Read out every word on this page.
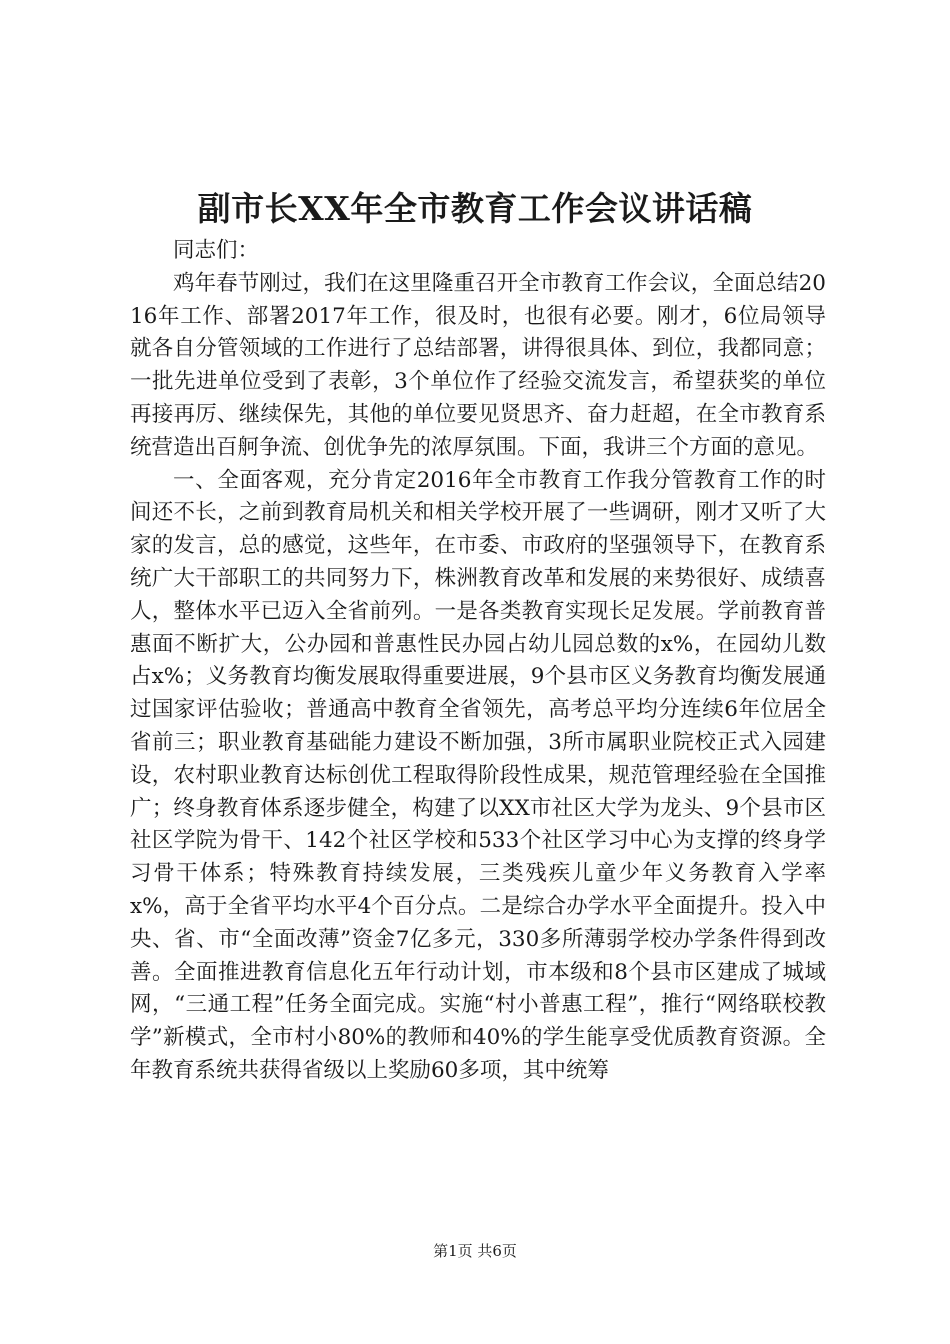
副市长XX年全市教育工作会议讲话稿

同志们：

鸡年春节刚过，我们在这里隆重召开全市教育工作会议，全面总结2016年工作、部署2017年工作，很及时，也很有必要。刚才，6位局领导就各自分管领域的工作进行了总结部署，讲得很具体、到位，我都同意；一批先进单位受到了表彰，3个单位作了经验交流发言，希望获奖的单位再接再厉、继续保先，其他的单位要见贤思齐、奋力赶超，在全市教育系统营造出百舸争流、创优争先的浓厚氛围。下面，我讲三个方面的意见。

一、全面客观，充分肯定2016年全市教育工作我分管教育工作的时间还不长，之前到教育局机关和相关学校开展了一些调研，刚才又听了大家的发言，总的感觉，这些年，在市委、市政府的坚强领导下，在教育系统广大干部职工的共同努力下，株洲教育改革和发展的来势很好、成绩喜人，整体水平已迈入全省前列。一是各类教育实现长足发展。学前教育普惠面不断扩大，公办园和普惠性民办园占幼儿园总数的x%，在园幼儿数占x%；义务教育均衡发展取得重要进展，9个县市区义务教育均衡发展通过国家评估验收；普通高中教育全省领先，高考总平均分连续6年位居全省前三；职业教育基础能力建设不断加强，3所市属职业院校正式入园建设，农村职业教育达标创优工程取得阶段性成果，规范管理经验在全国推广；终身教育体系逐步健全，构建了以XX市社区大学为龙头、9个县市区社区学院为骨干、142个社区学校和533个社区学习中心为支撑的终身学习骨干体系；特殊教育持续发展，三类残疾儿童少年义务教育入学率x%，高于全省平均水平4个百分点。二是综合办学水平全面提升。投入中央、省、市“全面改薄”资金7亿多元，330多所薄弱学校办学条件得到改善。全面推进教育信息化五年行动计划，市本级和8个县市区建成了城域网，“三通工程”任务全面完成。实施“村小普惠工程”，推行“网络联校教学”新模式，全市村小80%的教师和40%的学生能享受优质教育资源。全年教育系统共获得省级以上奖励60多项，其中统筹

第1页 共6页
